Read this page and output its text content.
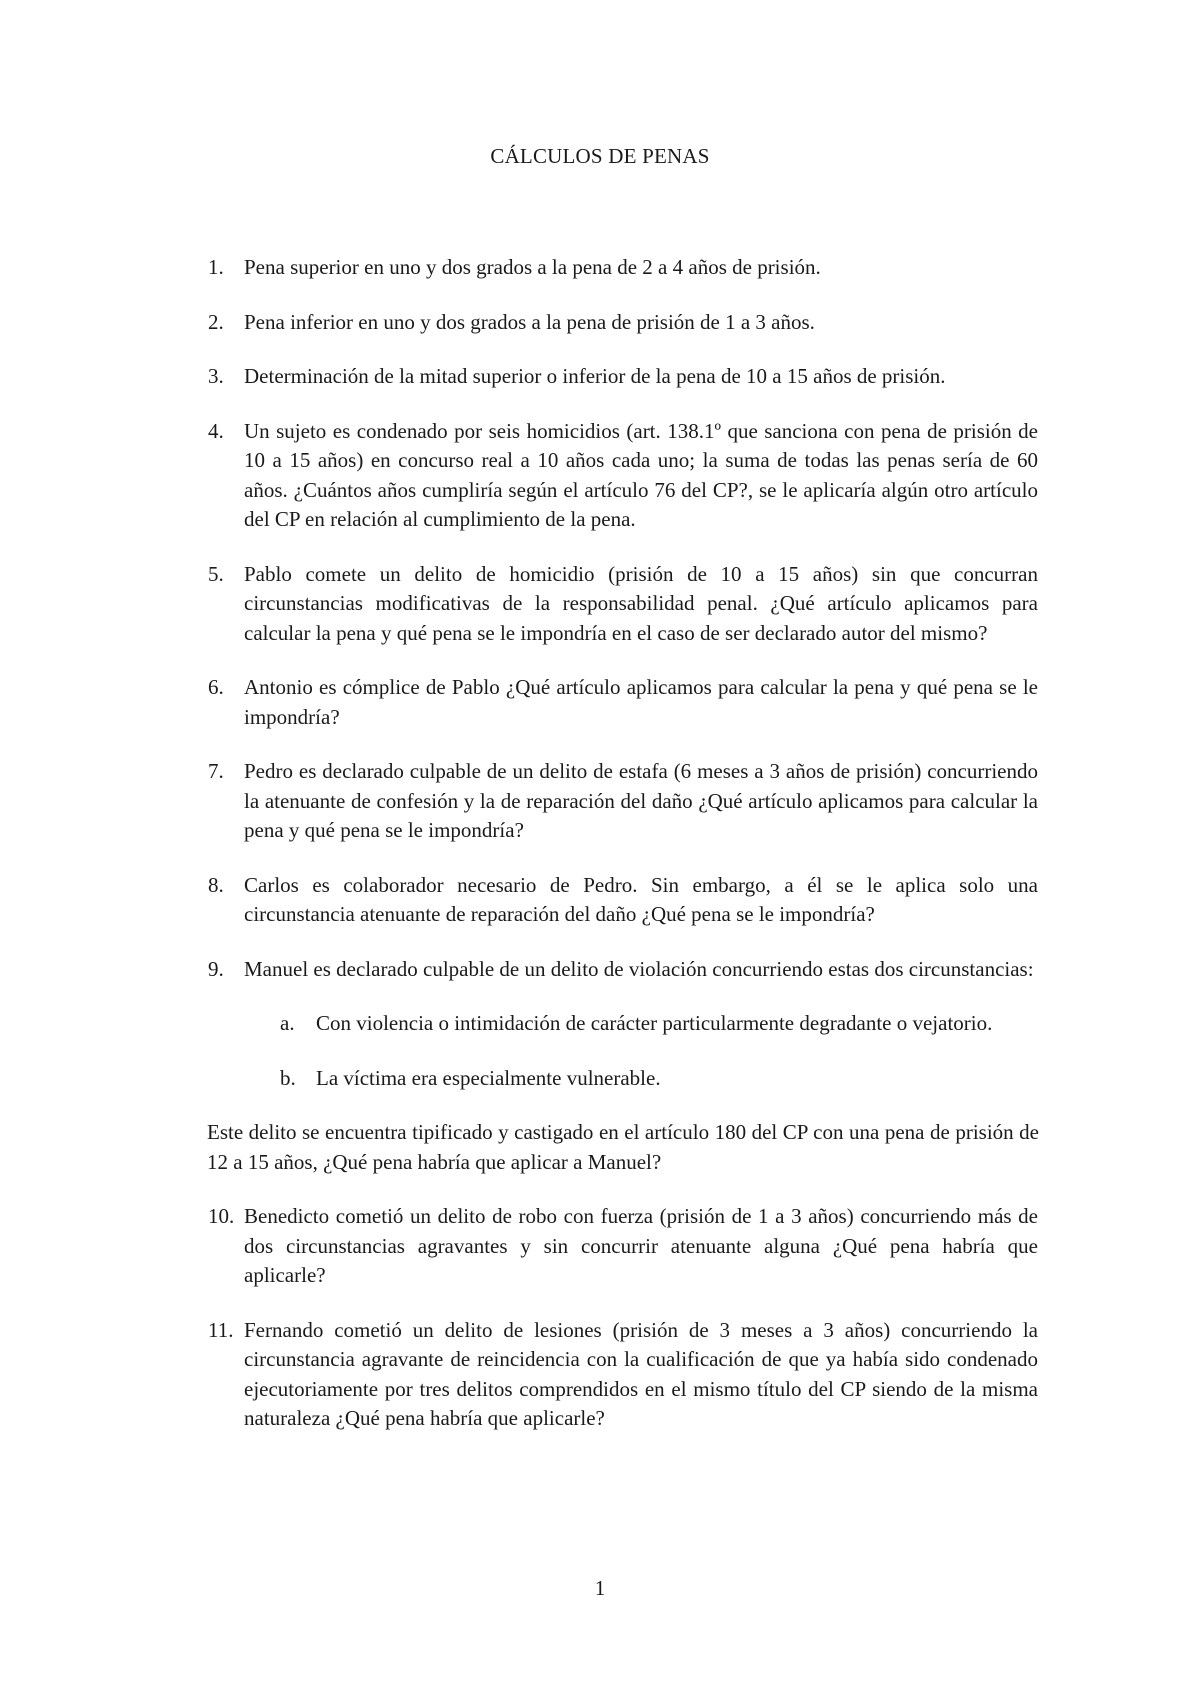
CÁLCULOS DE PENAS
1. Pena superior en uno y dos grados a la pena de 2 a 4 años de prisión.
2. Pena inferior en uno y dos grados a la pena de prisión de 1 a 3 años.
3. Determinación de la mitad superior o inferior de la pena de 10 a 15 años de prisión.
4. Un sujeto es condenado por seis homicidios (art. 138.1º que sanciona con pena de prisión de 10 a 15 años) en concurso real a 10 años cada uno; la suma de todas las penas sería de 60 años. ¿Cuántos años cumpliría según el artículo 76 del CP?, se le aplicaría algún otro artículo del CP en relación al cumplimiento de la pena.
5. Pablo comete un delito de homicidio (prisión de 10 a 15 años) sin que concurran circunstancias modificativas de la responsabilidad penal. ¿Qué artículo aplicamos para calcular la pena y qué pena se le impondría en el caso de ser declarado autor del mismo?
6. Antonio es cómplice de Pablo ¿Qué artículo aplicamos para calcular la pena y qué pena se le impondría?
7. Pedro es declarado culpable de un delito de estafa (6 meses a 3 años de prisión) concurriendo la atenuante de confesión y la de reparación del daño ¿Qué artículo aplicamos para calcular la pena y qué pena se le impondría?
8. Carlos es colaborador necesario de Pedro. Sin embargo, a él se le aplica solo una circunstancia atenuante de reparación del daño ¿Qué pena se le impondría?
9. Manuel es declarado culpable de un delito de violación concurriendo estas dos circunstancias:
a.	Con violencia o intimidación de carácter particularmente degradante o vejatorio.
b. La víctima era especialmente vulnerable.
Este delito se encuentra tipificado y castigado en el artículo 180 del CP con una pena de prisión de 12 a 15 años, ¿Qué pena habría que aplicar a Manuel?
10. Benedicto cometió un delito de robo con fuerza (prisión de 1 a 3 años) concurriendo más de dos circunstancias agravantes y sin concurrir atenuante alguna ¿Qué pena habría que aplicarle?
11. Fernando cometió un delito de lesiones (prisión de 3 meses a 3 años) concurriendo la circunstancia agravante de reincidencia con la cualificación de que ya había sido condenado ejecutoriamente por tres delitos comprendidos en el mismo título del CP siendo de la misma naturaleza ¿Qué pena habría que aplicarle?
1
